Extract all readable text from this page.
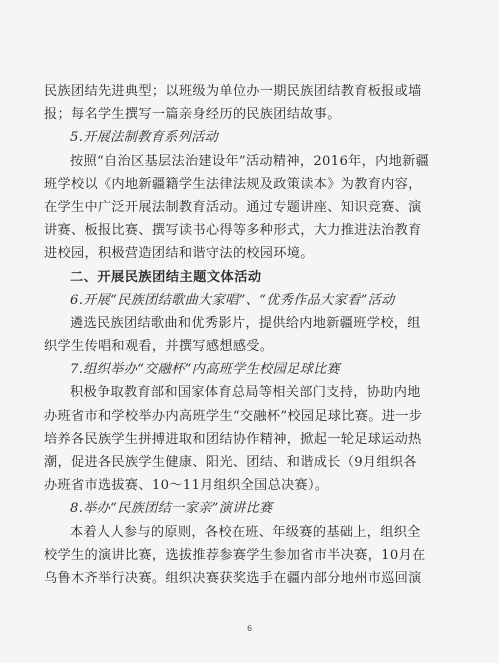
民族团结先进典型；以班级为单位办一期民族团结教育板报或墙
报；每名学生撰写一篇亲身经历的民族团结故事。
5.开展法制教育系列活动
按照“自治区基层法治建设年”活动精神，2016年，内地新疆
班学校以《内地新疆籍学生法律法规及政策读本》为教育内容，
在学生中广泛开展法制教育活动。通过专题讲座、知识竞赛、演
讲赛、板报比赛、撰写读书心得等多种形式，大力推进法治教育
进校园，积极营造团结和谐守法的校园环境。
二、开展民族团结主题文体活动
6.开展“民族团结歌曲大家唱”、“优秀作品大家看”活动
遴选民族团结歌曲和优秀影片，提供给内地新疆班学校，组
织学生传唱和观看，并撰写感想感受。
7.组织举办“交融杯”内高班学生校园足球比赛
积极争取教育部和国家体育总局等相关部门支持，协助内地
办班省市和学校举办内高班学生“交融杯”校园足球比赛。进一步
培养各民族学生拼搏进取和团结协作精神，掀起一轮足球运动热
潮，促进各民族学生健康、阳光、团结、和谐成长（9月组织各
办班省市选拔赛、10～11月组织全国总决赛）。
8.举办“民族团结一家亲”演讲比赛
本着人人参与的原则，各校在班、年级赛的基础上，组织全
校学生的演讲比赛，选拔推荐参赛学生参加省市半决赛，10月在
乌鲁木齐举行决赛。组织决赛获奖选手在疆内部分地州市巡回演
6
